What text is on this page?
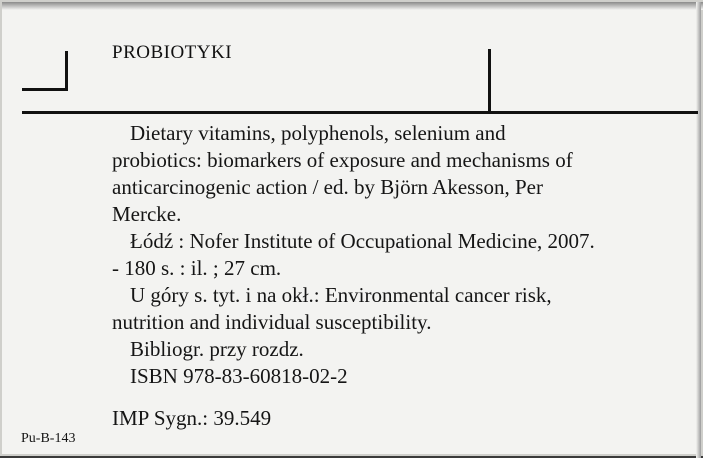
PROBIOTYKI

Dietary vitamins, polyphenols, selenium and

probiotics: biomarkers of exposure and mechanisms of

anticarcinogenic action / ed. by Björn Akesson, Per

Mercke.

Łódź : Nofer Institute of Occupational Medicine, 2007.

- 180 s. : il. ; 27 cm.

U góry s. tyt. i na okł.: Environmental cancer risk,

nutrition and individual susceptibility.

Bibliogr. przy rozdz.

ISBN 978-83-60818-02-2

IMP Sygn.: 39.549
Pu-B-143
